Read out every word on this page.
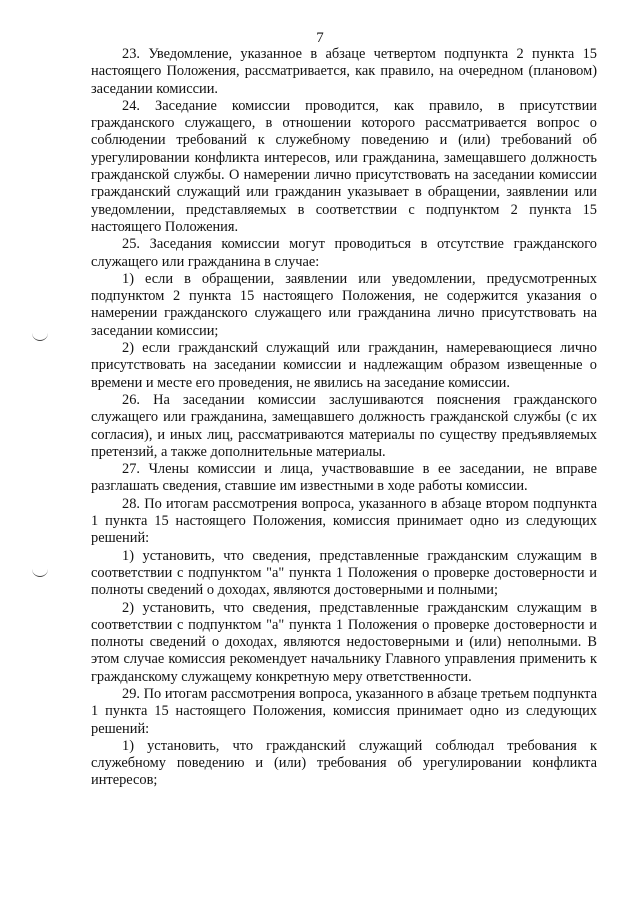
7

23. Уведомление, указанное в абзаце четвертом подпункта 2 пункта 15 настоящего Положения, рассматривается, как правило, на очередном (плановом) заседании комиссии.

24. Заседание комиссии проводится, как правило, в присутствии гражданского служащего, в отношении которого рассматривается вопрос о соблюдении требований к служебному поведению и (или) требований об урегулировании конфликта интересов, или гражданина, замещавшего должность гражданской службы. О намерении лично присутствовать на заседании комиссии гражданский служащий или гражданин указывает в обращении, заявлении или уведомлении, представляемых в соответствии с подпунктом 2 пункта 15 настоящего Положения.

25. Заседания комиссии могут проводиться в отсутствие гражданского служащего или гражданина в случае:

1) если в обращении, заявлении или уведомлении, предусмотренных подпунктом 2 пункта 15 настоящего Положения, не содержится указания о намерении гражданского служащего или гражданина лично присутствовать на заседании комиссии;

2) если гражданский служащий или гражданин, намеревающиеся лично присутствовать на заседании комиссии и надлежащим образом извещенные о времени и месте его проведения, не явились на заседание комиссии.

26. На заседании комиссии заслушиваются пояснения гражданского служащего или гражданина, замещавшего должность гражданской службы (с их согласия), и иных лиц, рассматриваются материалы по существу предъявляемых претензий, а также дополнительные материалы.

27. Члены комиссии и лица, участвовавшие в ее заседании, не вправе разглашать сведения, ставшие им известными в ходе работы комиссии.

28. По итогам рассмотрения вопроса, указанного в абзаце втором подпункта 1 пункта 15 настоящего Положения, комиссия принимает одно из следующих решений:

1) установить, что сведения, представленные гражданским служащим в соответствии с подпунктом "а" пункта 1 Положения о проверке достоверности и полноты сведений о доходах, являются достоверными и полными;

2) установить, что сведения, представленные гражданским служащим в соответствии с подпунктом "а" пункта 1 Положения о проверке достоверности и полноты сведений о доходах, являются недостоверными и (или) неполными. В этом случае комиссия рекомендует начальнику Главного управления применить к гражданскому служащему конкретную меру ответственности.

29. По итогам рассмотрения вопроса, указанного в абзаце третьем подпункта 1 пункта 15 настоящего Положения, комиссия принимает одно из следующих решений:

1) установить, что гражданский служащий соблюдал требования к служебному поведению и (или) требования об урегулировании конфликта интересов;
